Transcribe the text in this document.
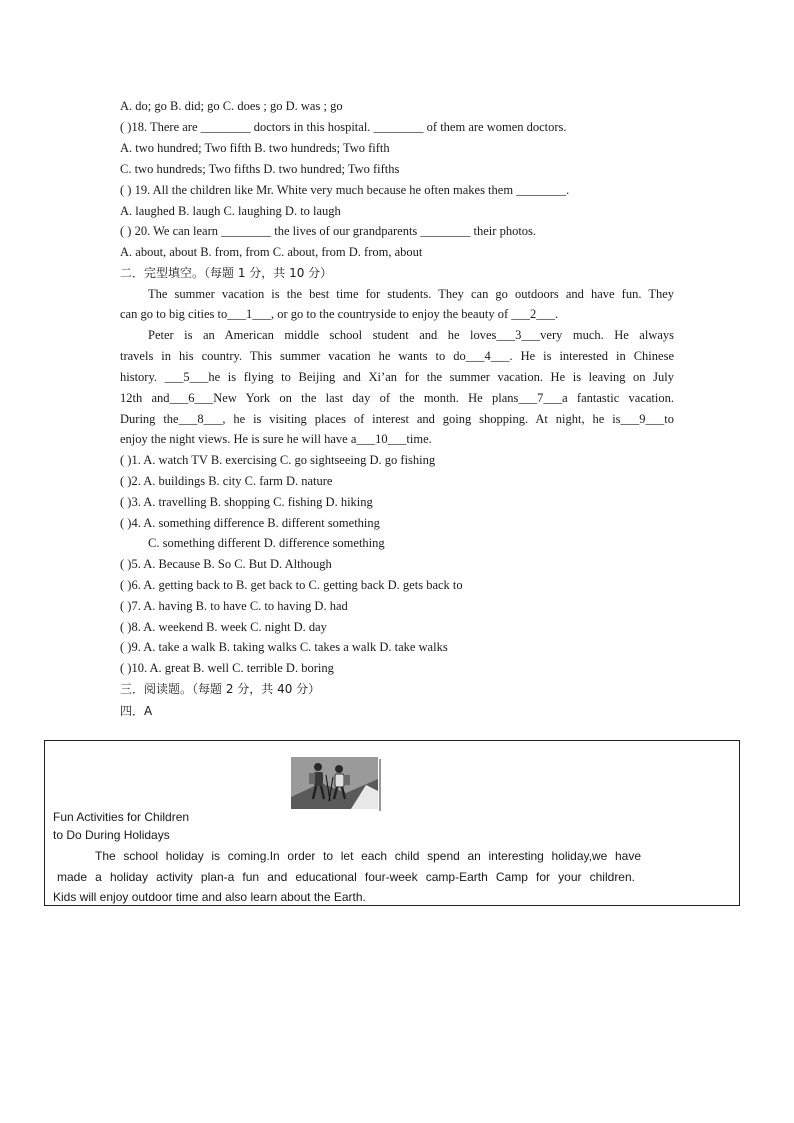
A. do; go B. did; go C. does ; go D. was ; go
( )18. There are ________ doctors in this hospital. ________ of them are women doctors.
A. two hundred; Two fifth B. two hundreds; Two fifth
C. two hundreds; Two fifths D. two hundred; Two fifths
( ) 19. All the children like Mr. White very much because he often makes them ________.
A. laughed B. laugh C. laughing D. to laugh
( ) 20. We can learn ________ the lives of our grandparents ________ their photos.
A. about, about B. from, from C. about, from D. from, about
二．完型填空。（每题 1 分，共 10 分）
The summer vacation is the best time for students. They can go outdoors and have fun. They
can go to big cities to___1___, or go to the countryside to enjoy the beauty of ___2___.
Peter is an American middle school student and he loves___3___very much. He always
travels in his country. This summer vacation he wants to do___4___. He is interested in Chinese
history. ___5___he is flying to Beijing and Xi’an for the summer vacation. He is leaving on July
12th and___6___New York on the last day of the month. He plans___7___a fantastic vacation.
During the___8___, he is visiting places of interest and going shopping. At night, he is___9___to
enjoy the night views. He is sure he will have a___10___time.
( )1. A. watch TV B. exercising C. go sightseeing D. go fishing
( )2. A. buildings B. city C. farm D. nature
( )3. A. travelling B. shopping C. fishing D. hiking
( )4. A. something difference B. different something
C. something different D. difference something
( )5. A. Because B. So C. But D. Although
( )6. A. getting back to B. get back to C. getting back D. gets back to
( )7. A. having B. to have C. to having D. had
( )8. A. weekend B. week C. night D. day
( )9. A. take a walk B. taking walks C. takes a walk D. take walks
( )10. A. great B. well C. terrible D. boring
三．阅读题。（每题 2 分，共 40 分）
四．A
Fun Activities for Children
to Do During Holidays
The school holiday is coming.In order to let each child spend an interesting holiday,we have
made a holiday activity plan-a fun and educational four-week camp-Earth Camp for your children.
Kids will enjoy outdoor time and also learn about the Earth.
